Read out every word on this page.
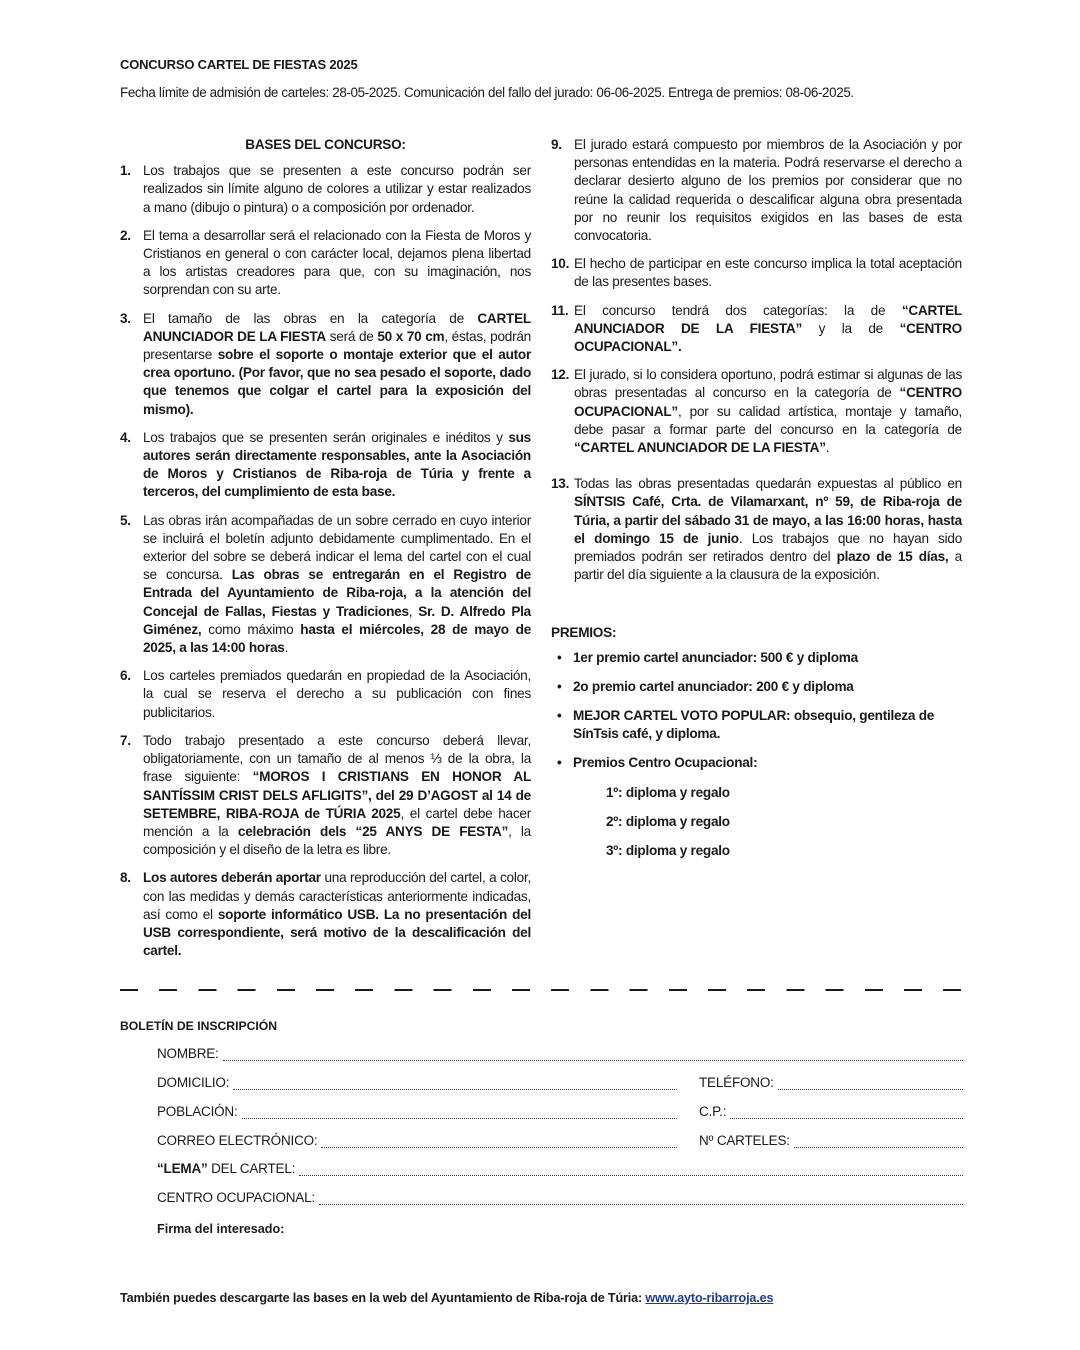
CONCURSO CARTEL DE FIESTAS 2025
Fecha límite de admisión de carteles: 28-05-2025. Comunicación del fallo del jurado: 06-06-2025. Entrega de premios: 08-06-2025.
BASES DEL CONCURSO:
1. Los trabajos que se presenten a este concurso podrán ser realizados sin límite alguno de colores a utilizar y estar realizados a mano (dibujo o pintura) o a composición por ordenador.
2. El tema a desarrollar será el relacionado con la Fiesta de Moros y Cristianos en general o con carácter local, dejamos plena libertad a los artistas creadores para que, con su imaginación, nos sorprendan con su arte.
3. El tamaño de las obras en la categoría de CARTEL ANUNCIADOR DE LA FIESTA será de 50 x 70 cm, éstas, podrán presentarse sobre el soporte o montaje exterior que el autor crea oportuno. (Por favor, que no sea pesado el soporte, dado que tenemos que colgar el cartel para la exposición del mismo).
4. Los trabajos que se presenten serán originales e inéditos y sus autores serán directamente responsables, ante la Asociación de Moros y Cristianos de Riba-roja de Túria y frente a terceros, del cumplimiento de esta base.
5. Las obras irán acompañadas de un sobre cerrado en cuyo interior se incluirá el boletín adjunto debidamente cumplimentado. En el exterior del sobre se deberá indicar el lema del cartel con el cual se concursa. Las obras se entregarán en el Registro de Entrada del Ayuntamiento de Riba-roja, a la atención del Concejal de Fallas, Fiestas y Tradiciones, Sr. D. Alfredo Pla Giménez, como máximo hasta el miércoles, 28 de mayo de 2025, a las 14:00 horas.
6. Los carteles premiados quedarán en propiedad de la Asociación, la cual se reserva el derecho a su publicación con fines publicitarios.
7. Todo trabajo presentado a este concurso deberá llevar, obligatoriamente, con un tamaño de al menos ⅓ de la obra, la frase siguiente: “MOROS I CRISTIANS EN HONOR AL SANTÍSSIM CRIST DELS AFLIGITS”, del 29 D’AGOST al 14 de SETEMBRE, RIBA-ROJA de TÚRIA 2025, el cartel debe hacer mención a la celebración dels “25 ANYS DE FESTA”, la composición y el diseño de la letra es libre.
8. Los autores deberán aportar una reproducción del cartel, a color, con las medidas y demás características anteriormente indicadas, así como el soporte informático USB. La no presentación del USB correspondiente, será motivo de la descalificación del cartel.
9. El jurado estará compuesto por miembros de la Asociación y por personas entendidas en la materia. Podrá reservarse el derecho a declarar desierto alguno de los premios por considerar que no reúne la calidad requerida o descalificar alguna obra presentada por no reunir los requisitos exigidos en las bases de esta convocatoria.
10. El hecho de participar en este concurso implica la total aceptación de las presentes bases.
11. El concurso tendrá dos categorías: la de “CARTEL ANUNCIADOR DE LA FIESTA” y la de “CENTRO OCUPACIONAL”.
12. El jurado, si lo considera oportuno, podrá estimar si algunas de las obras presentadas al concurso en la categoría de “CENTRO OCUPACIONAL”, por su calidad artística, montaje y tamaño, debe pasar a formar parte del concurso en la categoría de “CARTEL ANUNCIADOR DE LA FIESTA”.
13. Todas las obras presentadas quedarán expuestas al público en SÍNTSIS Café, Crta. de Vilamarxant, nº 59, de Riba-roja de Túria, a partir del sábado 31 de mayo, a las 16:00 horas, hasta el domingo 15 de junio. Los trabajos que no hayan sido premiados podrán ser retirados dentro del plazo de 15 días, a partir del día siguiente a la clausura de la exposición.
PREMIOS:
• 1er premio cartel anunciador: 500 € y diploma
• 2o premio cartel anunciador: 200 € y diploma
• MEJOR CARTEL VOTO POPULAR: obsequio, gentileza de SínTsis café, y diploma.
• Premios Centro Ocupacional:
1º: diploma y regalo
2º: diploma y regalo
3º: diploma y regalo
BOLETÍN DE INSCRIPCIÓN
NOMBRE:
DOMICILIO:	TELÉFONO:
POBLACIÓN:	C.P.:
CORREO ELECTRÓNICO:	Nº CARTELES:
“LEMA” DEL CARTEL:
CENTRO OCUPACIONAL:
Firma del interesado:
También puedes descargarte las bases en la web del Ayuntamiento de Riba-roja de Túria: www.ayto-ribarroja.es
